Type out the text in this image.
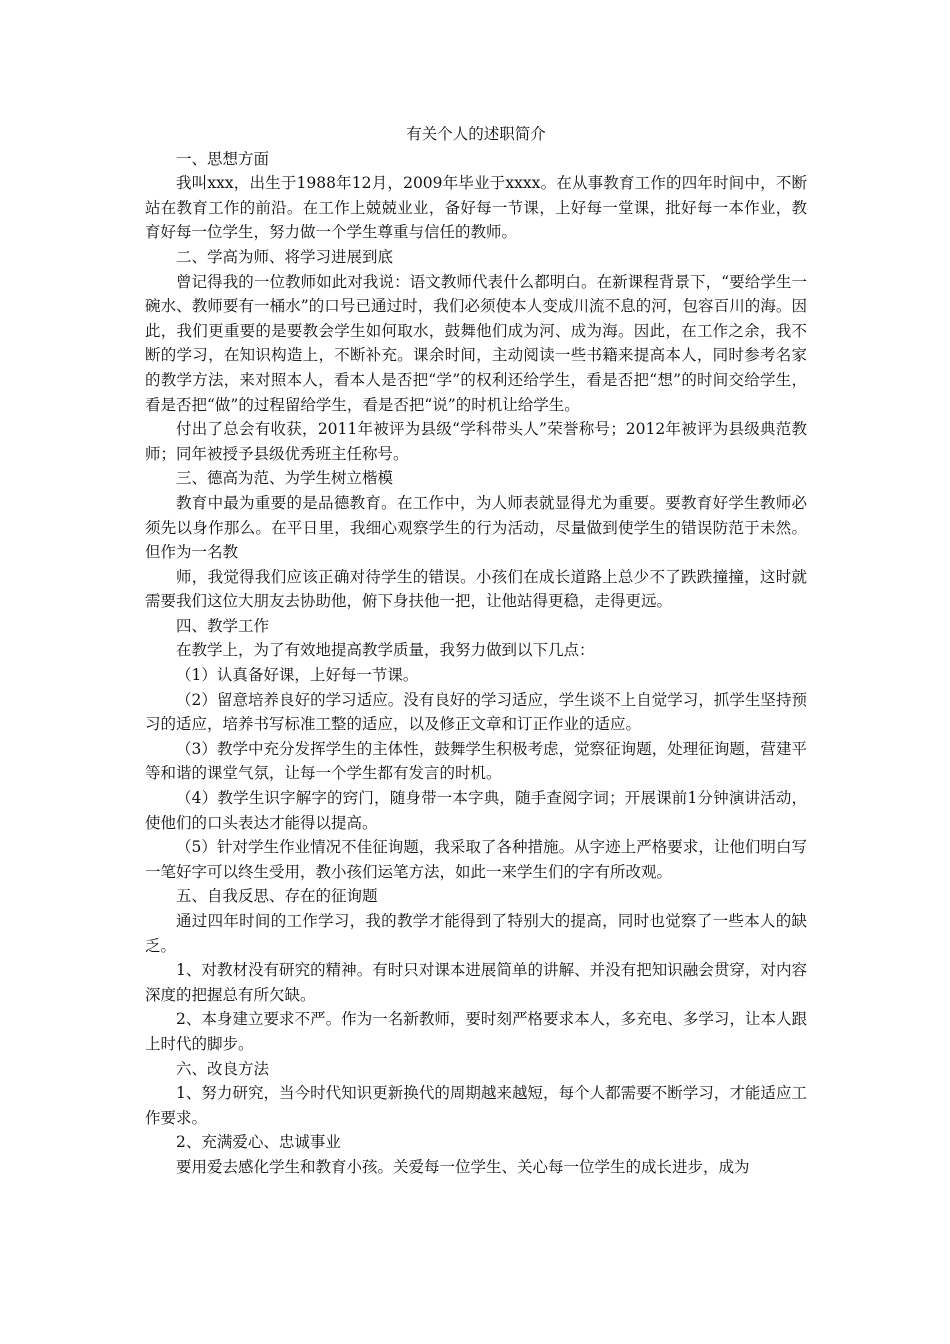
有关个人的述职简介

一、思想方面

我叫xxx，出生于1988年12月，2009年毕业于xxxx。在从事教育工作的四年时间中，不断站在教育工作的前沿。在工作上兢兢业业，备好每一节课，上好每一堂课，批好每一本作业，教育好每一位学生，努力做一个学生尊重与信任的教师。

二、学高为师、将学习进展到底

曾记得我的一位教师如此对我说：语文教师代表什么都明白。在新课程背景下，“要给学生一碗水、教师要有一桶水”的口号已通过时，我们必须使本人变成川流不息的河，包容百川的海。因此，我们更重要的是要教会学生如何取水，鼓舞他们成为河、成为海。因此，在工作之余，我不断的学习，在知识构造上，不断补充。课余时间，主动阅读一些书籍来提高本人，同时参考名家的教学方法，来对照本人，看本人是否把“学”的权利还给学生，看是否把“想”的时间交给学生，看是否把“做”的过程留给学生，看是否把“说”的时机让给学生。

付出了总会有收获，2011年被评为县级“学科带头人”荣誉称号；2012年被评为县级典范教师；同年被授予县级优秀班主任称号。

三、德高为范、为学生树立楷模

教育中最为重要的是品德教育。在工作中，为人师表就显得尤为重要。要教育好学生教师必须先以身作那么。在平日里，我细心观察学生的行为活动，尽量做到使学生的错误防范于未然。但作为一名教

师，我觉得我们应该正确对待学生的错误。小孩们在成长道路上总少不了跌跌撞撞，这时就需要我们这位大朋友去协助他，俯下身扶他一把，让他站得更稳，走得更远。

四、教学工作

在教学上，为了有效地提高教学质量，我努力做到以下几点：

（1）认真备好课，上好每一节课。

（2）留意培养良好的学习适应。没有良好的学习适应，学生谈不上自觉学习，抓学生坚持预习的适应，培养书写标准工整的适应，以及修正文章和订正作业的适应。

（3）教学中充分发挥学生的主体性，鼓舞学生积极考虑，觉察征询题，处理征询题，营建平等和谐的课堂气氛，让每一个学生都有发言的时机。

（4）教学生识字解字的窍门，随身带一本字典，随手查阅字词；开展课前1分钟演讲活动，使他们的口头表达才能得以提高。

（5）针对学生作业情况不佳征询题，我采取了各种措施。从字迹上严格要求，让他们明白写一笔好字可以终生受用，教小孩们运笔方法，如此一来学生们的字有所改观。

五、自我反思、存在的征询题

通过四年时间的工作学习，我的教学才能得到了特别大的提高，同时也觉察了一些本人的缺乏。

1、对教材没有研究的精神。有时只对课本进展简单的讲解、并没有把知识融会贯穿，对内容深度的把握总有所欠缺。

2、本身建立要求不严。作为一名新教师，要时刻严格要求本人，多充电、多学习，让本人跟上时代的脚步。

六、改良方法

1、努力研究，当今时代知识更新换代的周期越来越短，每个人都需要不断学习，才能适应工作要求。

2、充满爱心、忠诚事业

要用爱去感化学生和教育小孩。关爱每一位学生、关心每一位学生的成长进步，成为
